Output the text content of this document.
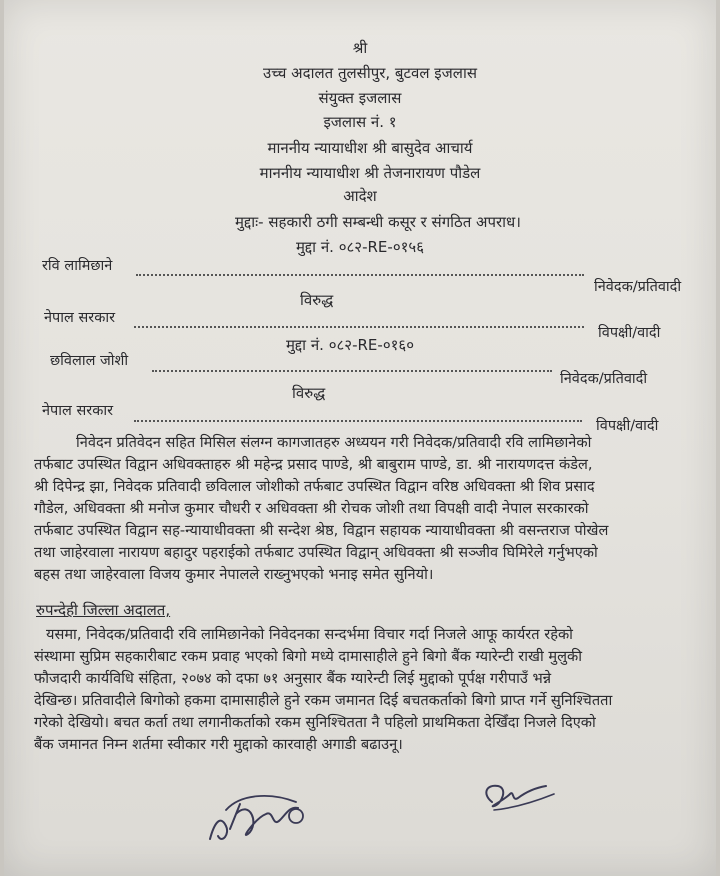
श्री
उच्च अदालत तुलसीपुर, बुटवल इजलास
संयुक्त इजलास
इजलास नं. १
माननीय न्यायाधीश श्री बासुदेव आचार्य
माननीय न्यायाधीश श्री तेजनारायण पौडेल
आदेश
मुद्दाः- सहकारी ठगी सम्बन्धी कसूर र संगठित अपराध।
मुद्दा नं. ०८२-RE-०१५६
रवि लामिछाने
निवेदक/प्रतिवादी
विरुद्ध
नेपाल सरकार
विपक्षी/वादी
मुद्दा नं. ०८२-RE-०१६०
छविलाल जोशी
निवेदक/प्रतिवादी
विरुद्ध
नेपाल सरकार
विपक्षी/वादी
निवेदन प्रतिवेदन सहित मिसिल संलग्न कागजातहरु अध्ययन गरी निवेदक/प्रतिवादी रवि लामिछानेको
तर्फबाट उपस्थित विद्वान अधिवक्ताहरु श्री महेन्द्र प्रसाद पाण्डे, श्री बाबुराम पाण्डे, डा. श्री नारायणदत्त कंडेल,
श्री दिपेन्द्र झा, निवेदक प्रतिवादी छविलाल जोशीको तर्फबाट उपस्थित विद्वान वरिष्ठ अधिवक्ता श्री शिव प्रसाद
गौडेल, अधिवक्ता श्री मनोज कुमार चौधरी र अधिवक्ता श्री रोचक जोशी तथा विपक्षी वादी नेपाल सरकारको
तर्फबाट उपस्थित विद्वान सह-न्यायाधीवक्ता श्री सन्देश श्रेष्ठ, विद्वान सहायक न्यायाधीवक्ता श्री वसन्तराज पोखेल
तथा जाहेरवाला नारायण बहादुर पहराईको तर्फबाट उपस्थित विद्वान् अधिवक्ता श्री सञ्जीव घिमिरेले गर्नुभएको
बहस तथा जाहेरवाला विजय कुमार नेपालले राख्नुभएको भनाइ समेत सुनियो।
रुपन्देही जिल्ला अदालत,
यसमा, निवेदक/प्रतिवादी रवि लामिछानेको निवेदनका सन्दर्भमा विचार गर्दा निजले आफू कार्यरत रहेको
संस्थामा सुप्रिम सहकारीबाट रकम प्रवाह भएको बिगो मध्ये दामासाहीले हुने बिगो बैंक ग्यारेन्टी राखी मुलुकी
फौजदारी कार्यविधि संहिता, २०७४ को दफा ७१ अनुसार बैंक ग्यारेन्टी लिई मुद्दाको पूर्पक्ष गरीपाउँ भन्ने
देखिन्छ। प्रतिवादीले बिगोको हकमा दामासाहीले हुने रकम जमानत दिई बचतकर्ताको बिगो प्राप्त गर्ने सुनिश्चितता
गरेको देखियो। बचत कर्ता तथा लगानीकर्ताको रकम सुनिश्चितता नै पहिलो प्राथमिकता देखिँदा निजले दिएको
बैंक जमानत निम्न शर्तमा स्वीकार गरी मुद्दाको कारवाही अगाडी बढाउनू।
